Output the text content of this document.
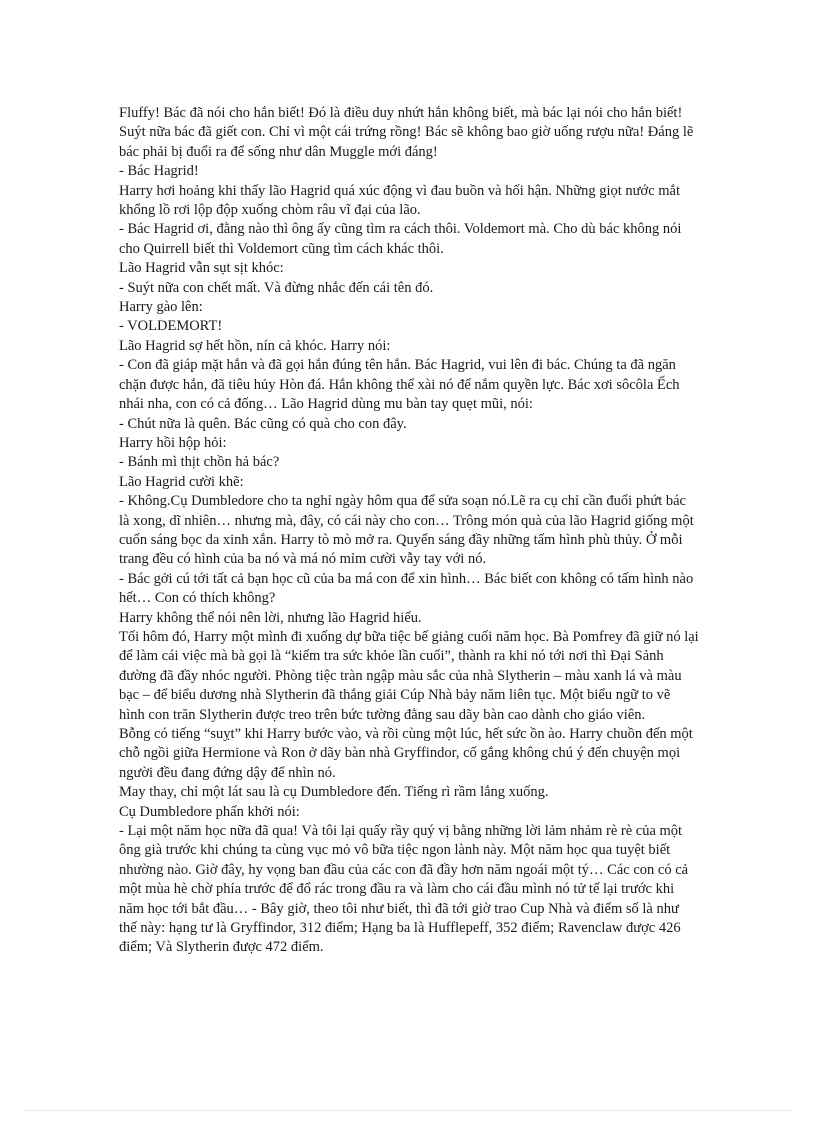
Fluffy! Bác đã nói cho hắn biết! Đó là điều duy nhứt hắn không biết, mà bác lại nói cho hắn biết! Suýt nữa bác đã giết con. Chỉ vì một cái trứng rồng! Bác sẽ không bao giờ uống rượu nữa! Đáng lẽ bác phải bị đuổi ra để sống như dân Muggle mới đáng!

- Bác Hagrid!

Harry hơi hoảng khi thấy lão Hagrid quá xúc động vì đau buồn và hối hận. Những giọt nước mắt khổng lồ rơi lộp độp xuống chòm râu vĩ đại của lão.

- Bác Hagrid ơi, đằng nào thì ông ấy cũng tìm ra cách thôi. Voldemort mà. Cho dù bác không nói cho Quirrell biết thì Voldemort cũng tìm cách khác thôi.

Lão Hagrid vẫn sụt sịt khóc:

- Suýt nữa con chết mất. Và đừng nhắc đến cái tên đó.

Harry gào lên:

- VOLDEMORT!

Lão Hagrid sợ hết hồn, nín cả khóc. Harry nói:

- Con đã giáp mặt hắn và đã gọi hắn đúng tên hắn. Bác Hagrid, vui lên đi bác. Chúng ta đã ngăn chặn được hắn, đã tiêu hủy Hòn đá. Hắn không thể xài nó để nắm quyền lực. Bác xơi sôcôla Ếch nhái nha, con có cả đống… Lão Hagrid dùng mu bàn tay quẹt mũi, nói:

- Chút nữa là quên. Bác cũng có quà cho con đây.

Harry hồi hộp hỏi:

- Bánh mì thịt chồn hả bác?

Lão Hagrid cười khẽ:

- Không.Cụ Dumbledore cho ta nghỉ ngày hôm qua để sửa soạn nó.Lẽ ra cụ chỉ cần đuổi phứt bác là xong, dĩ nhiên… nhưng mà, đây, có cái này cho con… Trông món quà của lão Hagrid giống một cuốn sáng bọc da xinh xắn. Harry tò mò mở ra. Quyển sáng đầy những tấm hình phù thủy. Ở mỗi trang đều có hình của ba nó và má nó mỉm cười vẫy tay với nó.

- Bác gởi cú tới tất cả bạn học cũ của ba má con để xin hình… Bác biết con không có tấm hình nào hết… Con có thích không?

Harry không thể nói nên lời, nhưng lão Hagrid hiểu.

Tối hôm đó, Harry một mình đi xuống dự bữa tiệc bế giảng cuối năm học. Bà Pomfrey đã giữ nó lại để làm cái việc mà bà gọi là “kiểm tra sức khỏe lần cuối”, thành ra khi nó tới nơi thì Đại Sảnh đường đã đầy nhóc người. Phòng tiệc tràn ngập màu sắc của nhà Slytherin – màu xanh lá và màu bạc – để biểu dương nhà Slytherin đã thắng giải Cúp Nhà bảy năm liên tục. Một biểu ngữ to vẽ hình con trăn Slytherin được treo trên bức tường đằng sau dãy bàn cao dành cho giáo viên.

Bỗng có tiếng “suỵt” khi Harry bước vào, và rồi cùng một lúc, hết sức ồn ào. Harry chuồn đến một chỗ ngồi giữa Hermione và Ron ở dãy bàn nhà Gryffindor, cố gắng không chú ý đến chuyện mọi người đều đang đứng dậy để nhìn nó.

May thay, chỉ một lát sau là cụ Dumbledore đến. Tiếng rì rầm lắng xuống.

Cụ Dumbledore phấn khởi nói:

- Lại một năm học nữa đã qua! Và tôi lại quấy rầy quý vị bằng những lời lảm nhảm rè rè của một ông già trước khi chúng ta cùng vục mỏ vô bữa tiệc ngon lành này. Một năm học qua tuyệt biết nhường nào. Giờ đây, hy vọng ban đầu của các con đã đầy hơn năm ngoái một tý… Các con có cả một mùa hè chờ phía trước để đổ rác trong đầu ra và làm cho cái đầu mình nó tử tế lại trước khi năm học tới bắt đầu… - Bây giờ, theo tôi như biết, thì đã tới giờ trao Cup Nhà và điểm số là như thế này: hạng tư là Gryffindor, 312 điểm; Hạng ba là Hufflepeff, 352 điểm; Ravenclaw được 426 điểm; Và Slytherin được 472 điểm.
